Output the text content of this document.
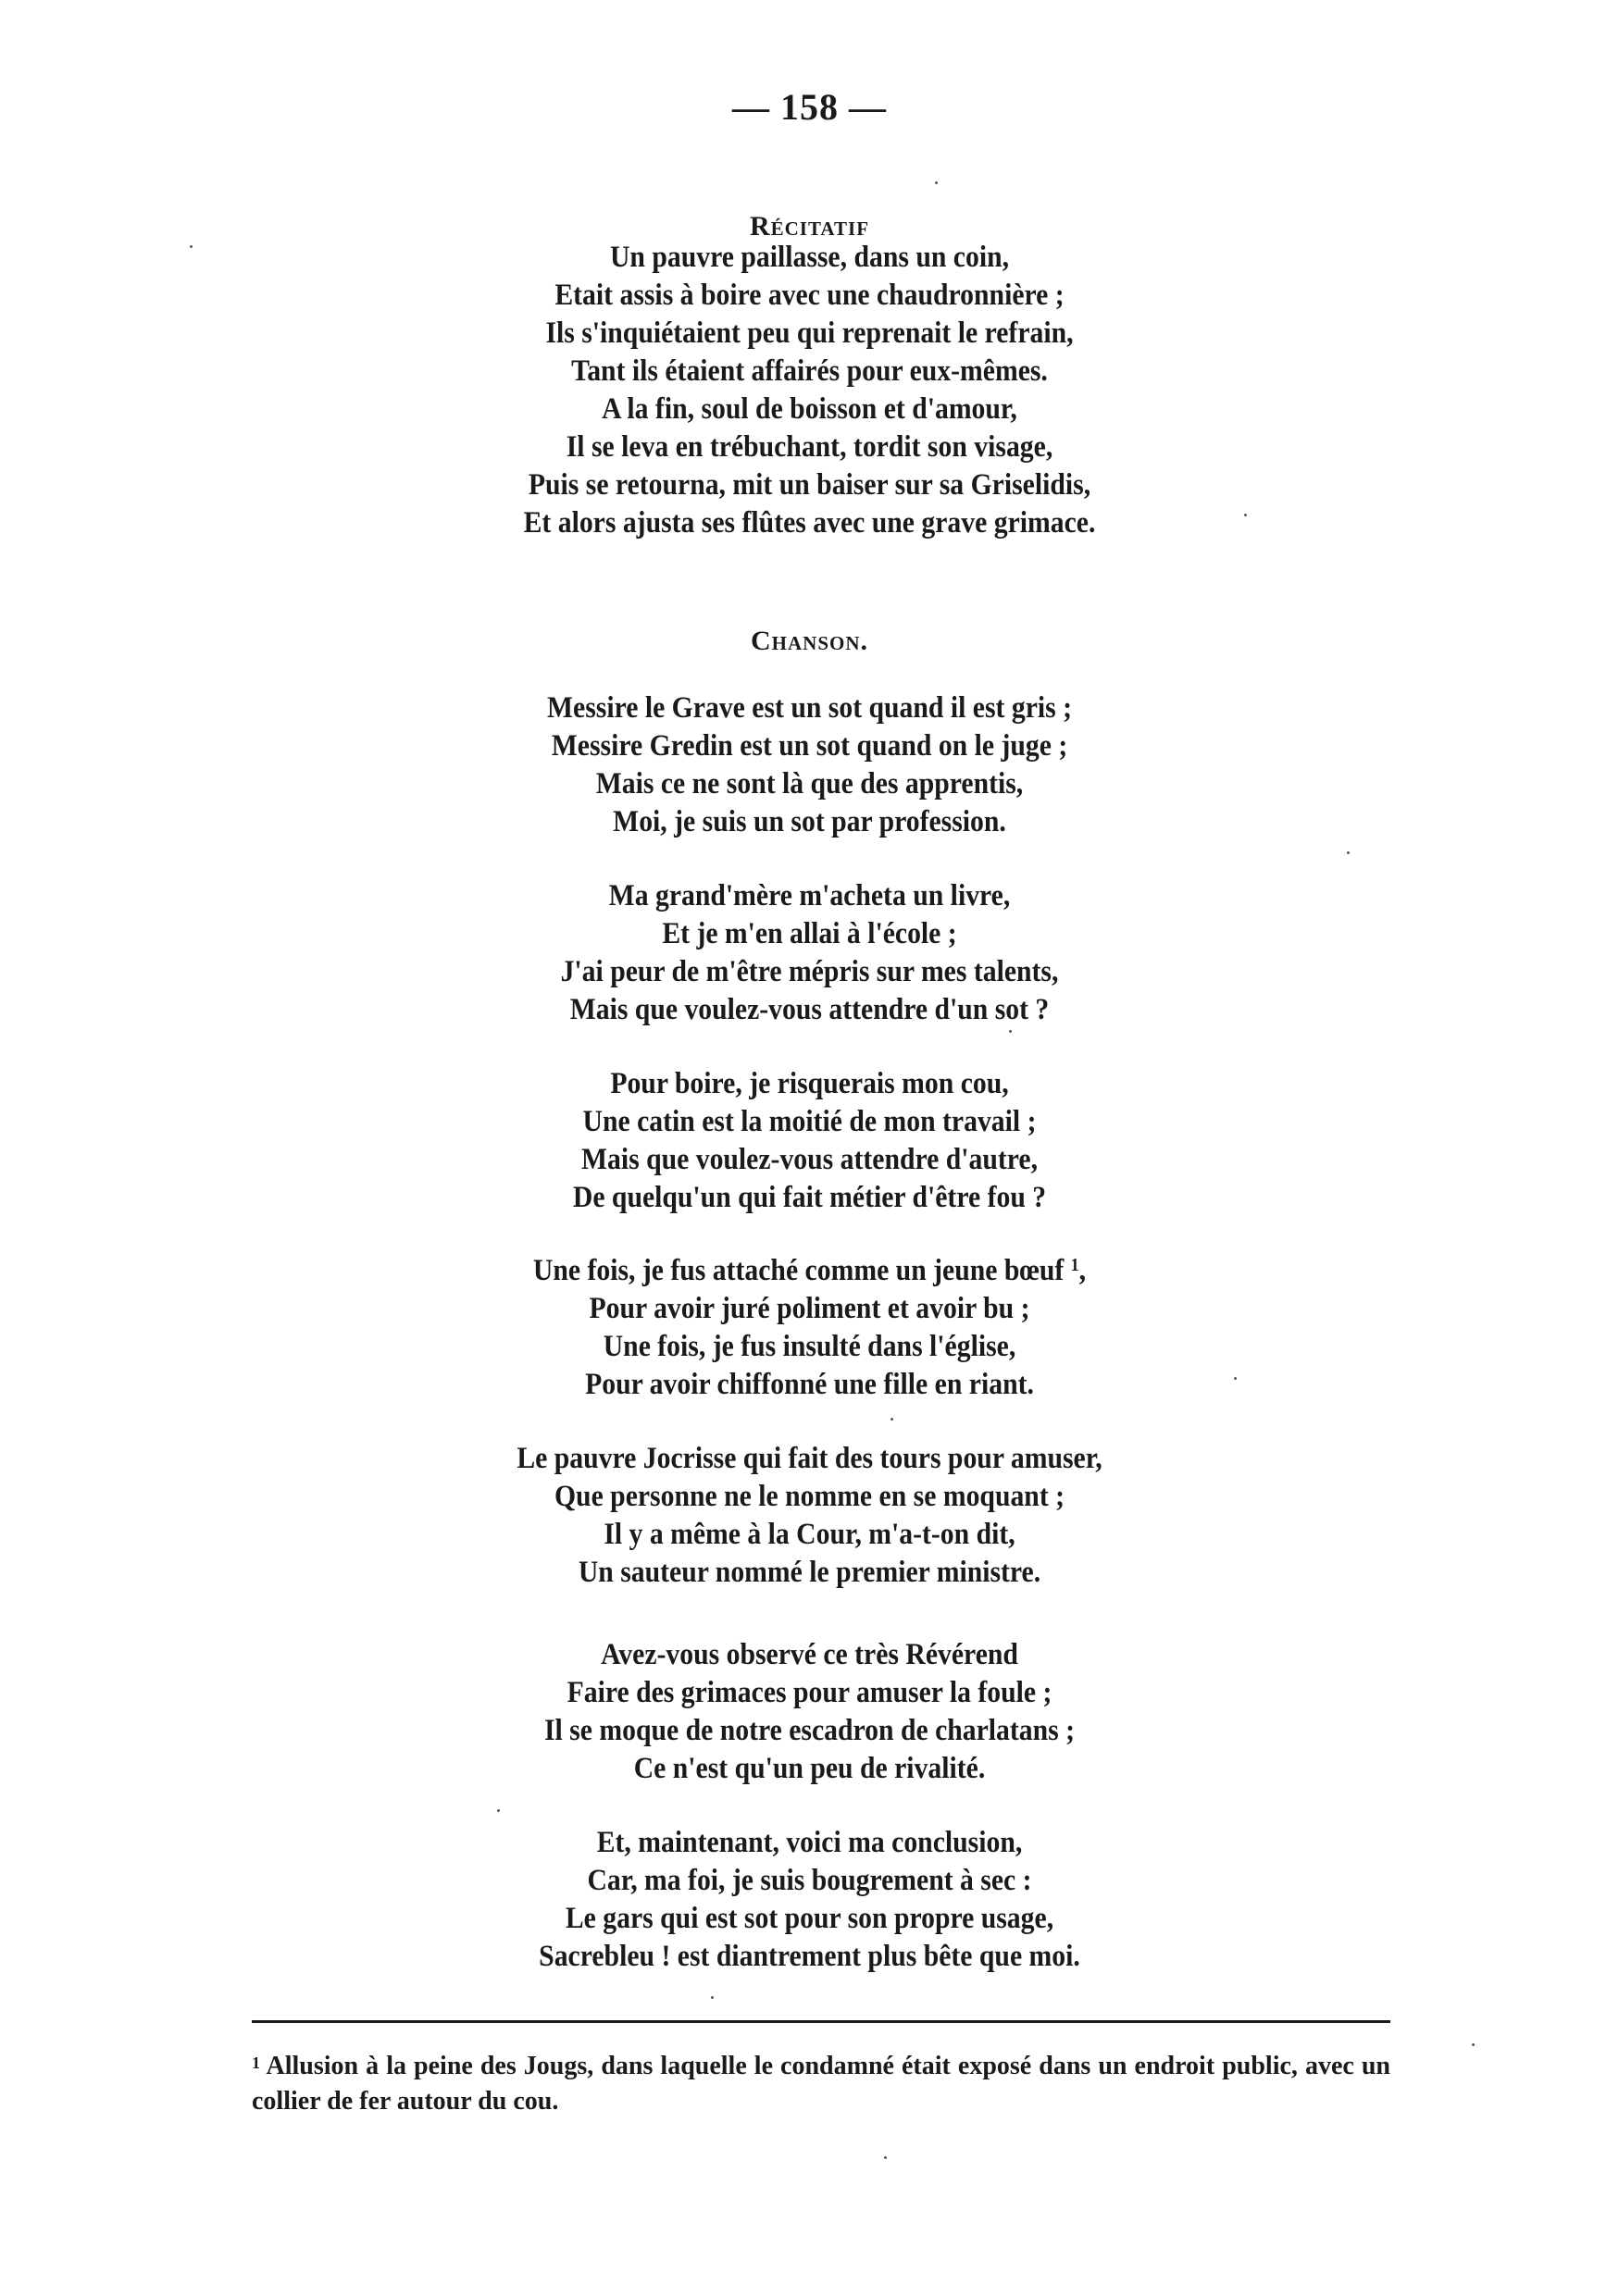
— 158 —
Récitatif
Un pauvre paillasse, dans un coin,
Etait assis à boire avec une chaudronnière ;
Ils s'inquiétaient peu qui reprenait le refrain,
Tant ils étaient affairés pour eux-mêmes.
A la fin, soul de boisson et d'amour,
Il se leva en trébuchant, tordit son visage,
Puis se retourna, mit un baiser sur sa Griselidis,
Et alors ajusta ses flûtes avec une grave grimace.
Chanson.
Messire le Grave est un sot quand il est gris ;
Messire Gredin est un sot quand on le juge ;
Mais ce ne sont là que des apprentis,
Moi, je suis un sot par profession.
Ma grand'mère m'acheta un livre,
Et je m'en allai à l'école ;
J'ai peur de m'être mépris sur mes talents,
Mais que voulez-vous attendre d'un sot ?
Pour boire, je risquerais mon cou,
Une catin est la moitié de mon travail ;
Mais que voulez-vous attendre d'autre,
De quelqu'un qui fait métier d'être fou ?
Une fois, je fus attaché comme un jeune bœuf $^1$,
Pour avoir juré poliment et avoir bu ;
Une fois, je fus insulté dans l'église,
Pour avoir chiffonné une fille en riant.
Le pauvre Jocrisse qui fait des tours pour amuser,
Que personne ne le nomme en se moquant ;
Il y a même à la Cour, m'a-t-on dit,
Un sauteur nommé le premier ministre.
Avez-vous observé ce très Révérend
Faire des grimaces pour amuser la foule ;
Il se moque de notre escadron de charlatans ;
Ce n'est qu'un peu de rivalité.
Et, maintenant, voici ma conclusion,
Car, ma foi, je suis bougrement à sec :
Le gars qui est sot pour son propre usage,
Sacrebleu ! est diantrement plus bête que moi.
$^1$ Allusion à la peine des Jougs, dans laquelle le condamné était exposé dans un endroit public, avec un collier de fer autour du cou.
